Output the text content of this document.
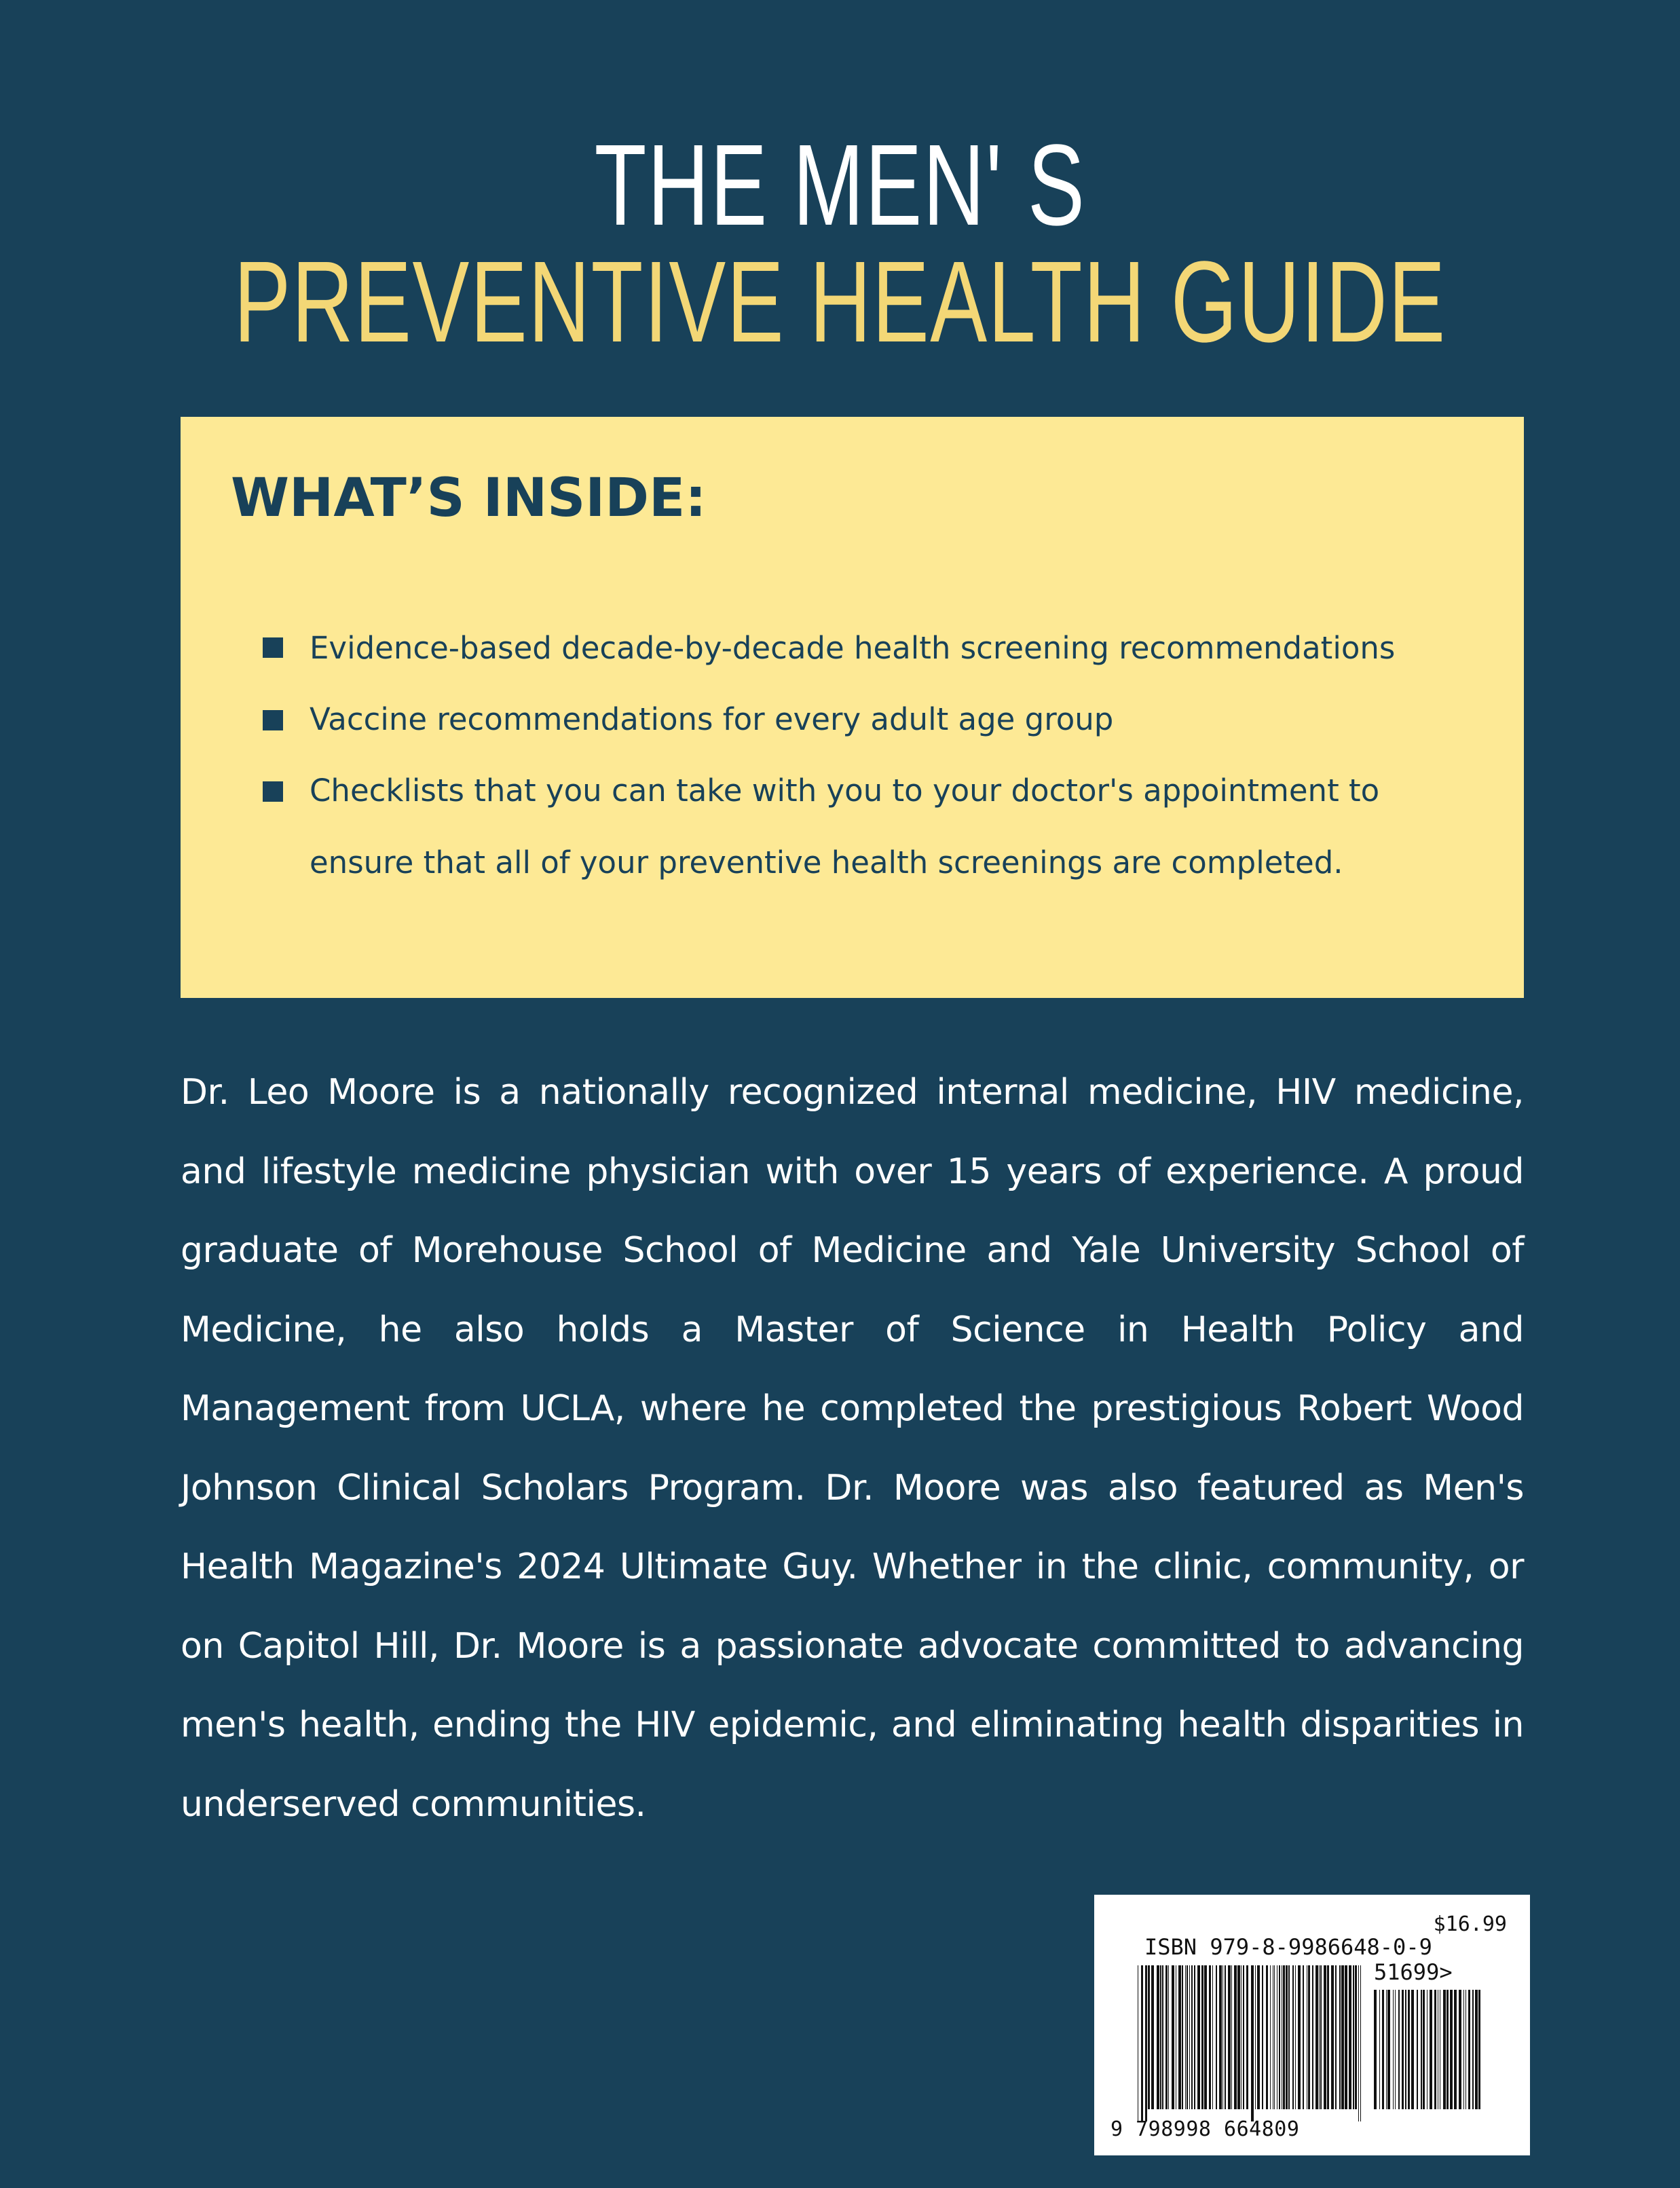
THE MEN' S
PREVENTIVE HEALTH GUIDE
WHAT’S INSIDE:
Evidence-based decade-by-decade health screening recommendations
Vaccine recommendations for every adult age group
Checklists that you can take with you to your doctor's appointment to
ensure that all of your preventive health screenings are completed.
Dr. Leo Moore is a nationally recognized internal medicine, HIV medicine,
and lifestyle medicine physician with over 15 years of experience. A proud
graduate of Morehouse School of Medicine and Yale University School of
Medicine, he also holds a Master of Science in Health Policy and
Management from UCLA, where he completed the prestigious Robert Wood
Johnson Clinical Scholars Program. Dr. Moore was also featured as Men's
Health Magazine's 2024 Ultimate Guy. Whether in the clinic, community, or
on Capitol Hill, Dr. Moore is a passionate advocate committed to advancing
men's health, ending the HIV epidemic, and eliminating health disparities in
underserved communities.
$16.99
ISBN 979-8-9986648-0-9
51699>
9 798998 664809
